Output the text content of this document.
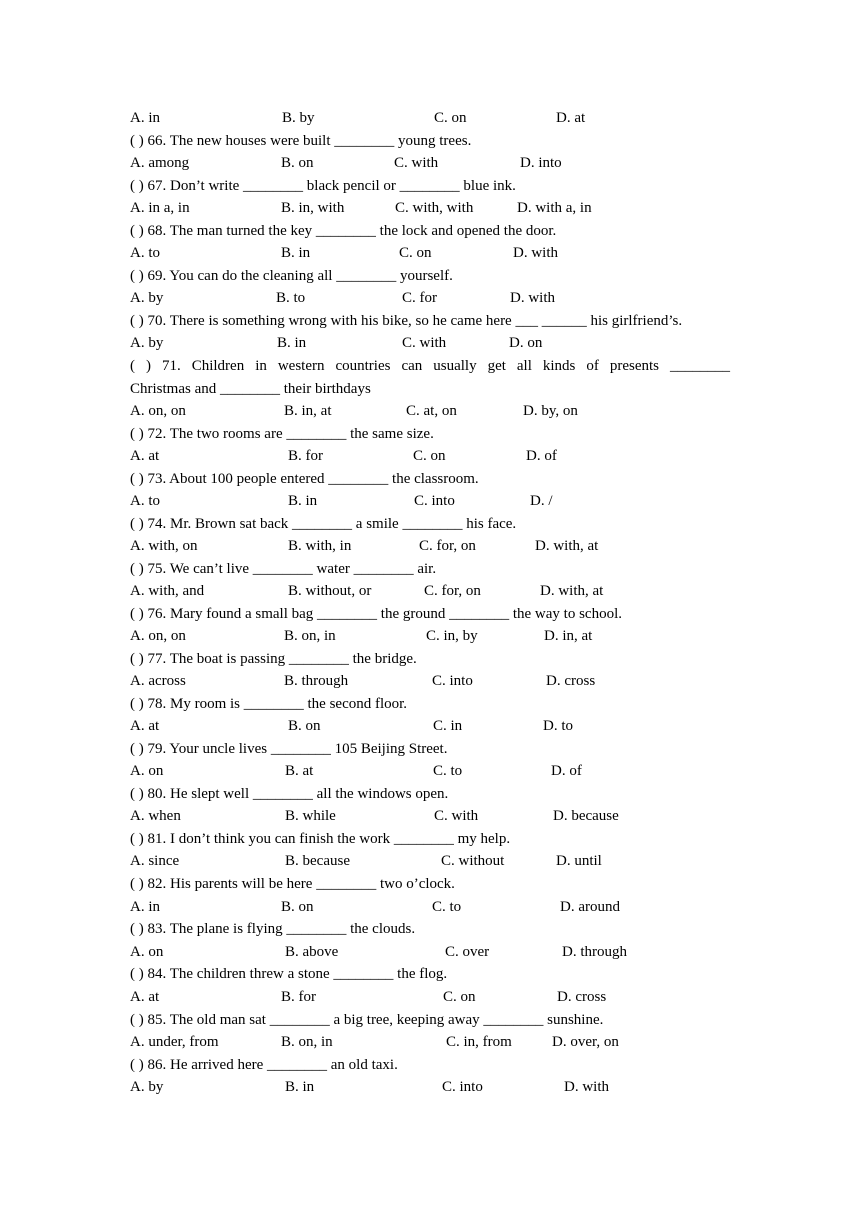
A. in	B. by	C. on	D. at
( ) 66. The new houses were built ________ young trees.
A. among	B. on	C. with	D. into
( ) 67. Don’t write ________ black pencil or ________ blue ink.
A. in a, in	B. in, with	C. with, with	D. with a, in
( ) 68. The man turned the key ________ the lock and opened the door.
A. to	B. in	C. on	D. with
( ) 69. You can do the cleaning all ________ yourself.
A. by	B. to	C. for	D. with
( ) 70. There is something wrong with his bike, so he came here ___ ______ his girlfriend’s.
A. by	B. in	C. with	D. on
( ) 71. Children in western countries can usually get all kinds of presents ________
Christmas and ________ their birthdays
A. on, on	B. in, at	C. at, on	D. by, on
( ) 72. The two rooms are ________ the same size.
A. at	B. for	C. on	D. of
( ) 73. About 100 people entered ________ the classroom.
A. to	B. in	C. into	D. /
( ) 74. Mr. Brown sat back ________ a smile ________ his face.
A. with, on	B. with, in	C. for, on	D. with, at
( ) 75. We can’t live ________ water ________ air.
A. with, and	B. without, or	C. for, on	D. with, at
( ) 76. Mary found a small bag ________ the ground ________ the way to school.
A. on, on	B. on, in	C. in, by	D. in, at
( ) 77. The boat is passing ________ the bridge.
A. across	B. through	C. into	D. cross
( ) 78. My room is ________ the second floor.
A. at	B. on	C. in	D. to
( ) 79. Your uncle lives ________ 105 Beijing Street.
A. on	B. at	C. to	D. of
( ) 80. He slept well ________ all the windows open.
A. when	B. while	C. with	D. because
( ) 81. I don’t think you can finish the work ________ my help.
A. since	B. because	C. without	D. until
( ) 82. His parents will be here ________ two o’clock.
A. in	B. on	C. to	D. around
( ) 83. The plane is flying ________ the clouds.
A. on	B. above	C. over	D. through
( ) 84. The children threw a stone ________ the flog.
A. at	B. for	C. on	D. cross
( ) 85. The old man sat ________ a big tree, keeping away ________ sunshine.
A. under, from	B. on, in	C. in, from	D. over, on
( ) 86. He arrived here ________ an old taxi.
A. by	B. in	C. into	D. with
